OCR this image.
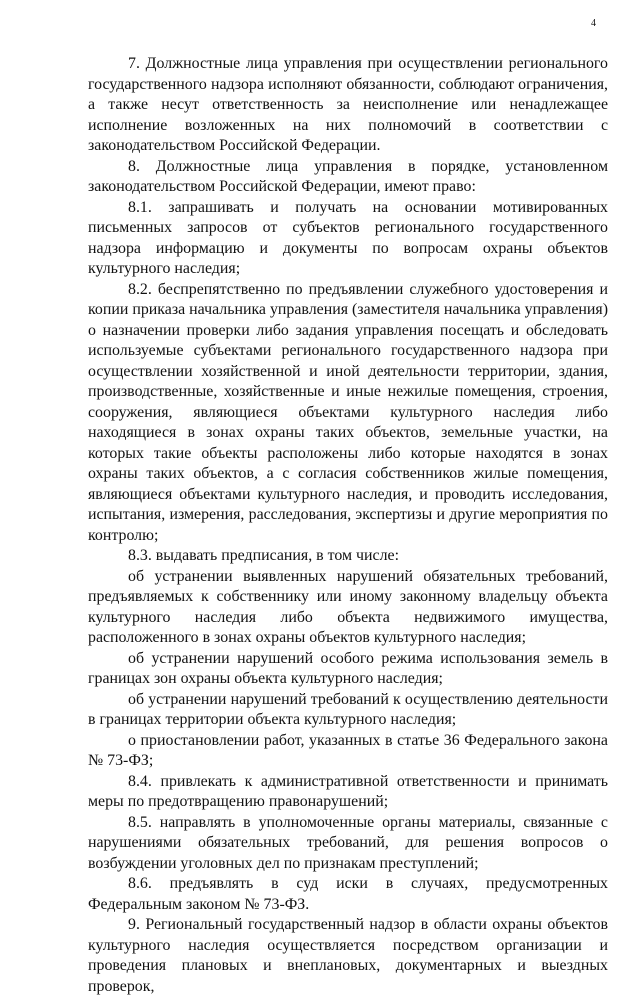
4

7. Должностные лица управления при осуществлении регионального государственного надзора исполняют обязанности, соблюдают ограничения, а также несут ответственность за неисполнение или ненадлежащее исполнение возложенных на них полномочий в соответствии с законодательством Российской Федерации.

8. Должностные лица управления в порядке, установленном законодательством Российской Федерации, имеют право:

8.1. запрашивать и получать на основании мотивированных письменных запросов от субъектов регионального государственного надзора информацию и документы по вопросам охраны объектов культурного наследия;

8.2. беспрепятственно по предъявлении служебного удостоверения и копии приказа начальника управления (заместителя начальника управления) о назначении проверки либо задания управления посещать и обследовать используемые субъектами регионального государственного надзора при осуществлении хозяйственной и иной деятельности территории, здания, производственные, хозяйственные и иные нежилые помещения, строения, сооружения, являющиеся объектами культурного наследия либо находящиеся в зонах охраны таких объектов, земельные участки, на которых такие объекты расположены либо которые находятся в зонах охраны таких объектов, а с согласия собственников жилые помещения, являющиеся объектами культурного наследия, и проводить исследования, испытания, измерения, расследования, экспертизы и другие мероприятия по контролю;

8.3. выдавать предписания, в том числе:

об устранении выявленных нарушений обязательных требований, предъявляемых к собственнику или иному законному владельцу объекта культурного наследия либо объекта недвижимого имущества, расположенного в зонах охраны объектов культурного наследия;

об устранении нарушений особого режима использования земель в границах зон охраны объекта культурного наследия;

об устранении нарушений требований к осуществлению деятельности в границах территории объекта культурного наследия;

о приостановлении работ, указанных в статье 36 Федерального закона № 73-ФЗ;

8.4. привлекать к административной ответственности и принимать меры по предотвращению правонарушений;

8.5. направлять в уполномоченные органы материалы, связанные с нарушениями обязательных требований, для решения вопросов о возбуждении уголовных дел по признакам преступлений;

8.6. предъявлять в суд иски в случаях, предусмотренных Федеральным законом № 73-ФЗ.

9. Региональный государственный надзор в области охраны объектов культурного наследия осуществляется посредством организации и проведения плановых и внеплановых, документарных и выездных проверок,
